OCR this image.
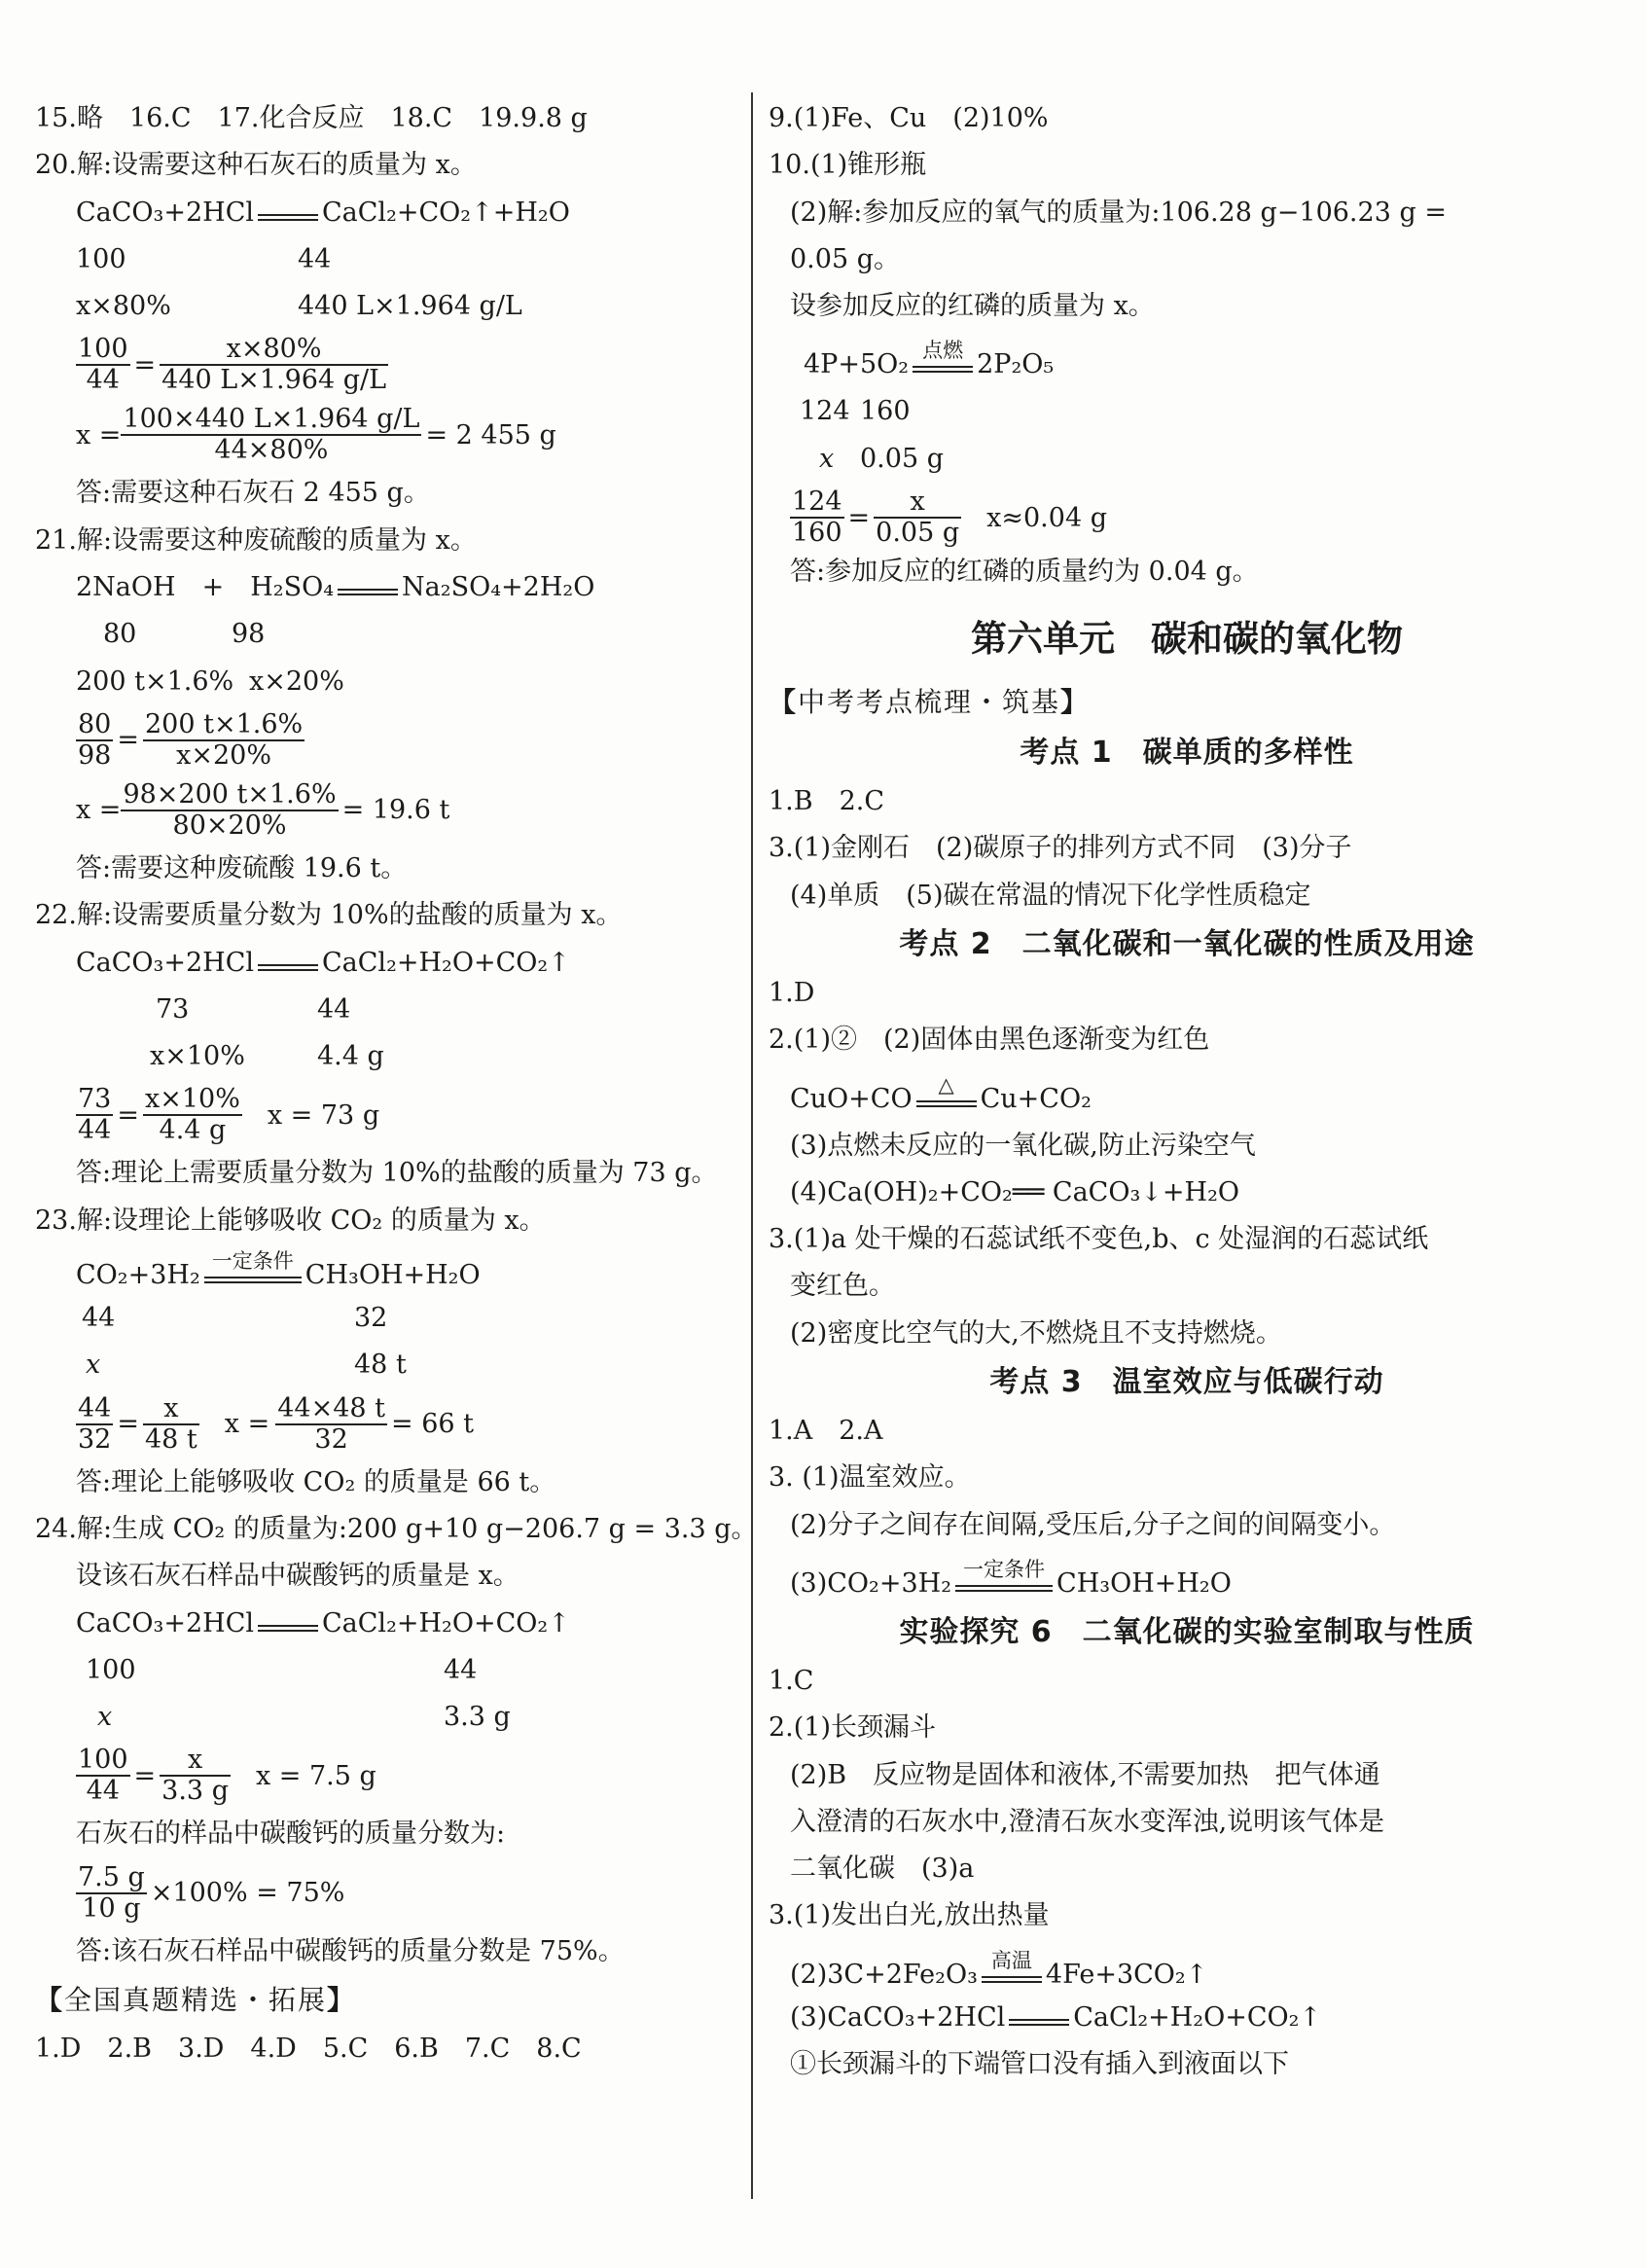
15.略　16.C　17.化合反应　18.C　19.9.8 g
20.解:设需要这种石灰石的质量为 x。
CaCO₃+2HCl	CaCl₂+CO₂↑+H₂O
100	44
x×80%	440 L×1.964 g/L
$\frac{100}{44} = \frac{x\times 80\%}{440 L\times 1.964 g/L}$
$x = \frac{100\times 440 L\times 1.964 g/L}{44\times 80\%} = 2$ 455 g
答:需要这种石灰石 2 455 g。
21.解:设需要这种废硫酸的质量为 x。
2NaOH　+　H₂SO₄	Na₂SO₄+2H₂O
80	98
200 t×1.6% x×20%
$\frac{80}{98} = \frac{200 t\times 1.6\%}{x\times 20\%}$
$x = \frac{98\times 200 t\times 1.6\%}{80\times 20\%} = 19.6$ t
答:需要这种废硫酸 19.6 t。
22.解:设需要质量分数为 10%的盐酸的质量为 x。
CaCO₃+2HCl	CaCl₂+H₂O+CO₂↑
73	44
x×10%	4.4 g
$\frac{73}{44} = \frac{x\times 10\%}{4.4 g}$ x = 73 g
答:理论上需要质量分数为 10%的盐酸的质量为 73 g。
23.解:设理论上能够吸收 CO₂ 的质量为 x。
CO₂+3H₂ 一定条件 CH₃OH+H₂O
44	32
x	48 t
$\frac{44}{32} = \frac{x}{48 t}$ $x = \frac{44\times 48 t}{32} = 66$ t
答:理论上能够吸收 CO₂ 的质量是 66 t。
24.解:生成 CO₂ 的质量为:200 g+10 g−206.7 g = 3.3 g。
设该石灰石样品中碳酸钙的质量是 x。
CaCO₃+2HCl	CaCl₂+H₂O+CO₂↑
100	44
x	3.3 g
$\frac{100}{44} = \frac{x}{3.3 g}$ x = 7.5 g
石灰石的样品中碳酸钙的质量分数为:
$\frac{7.5 g}{10 g} \times 100\% = 75\%$
答:该石灰石样品中碳酸钙的质量分数是 75%。
【全国真题精选・拓展】
1.D　2.B　3.D　4.D　5.C　6.B　7.C　8.C
9.(1)Fe、Cu　(2)10%
10.(1)锥形瓶
(2)解:参加反应的氧气的质量为:106.28 g−106.23 g =
0.05 g。
设参加反应的红磷的质量为 x。
4P+5O₂ 点燃 2P₂O₅
124 160
x 0.05 g
$\frac{124}{160} = \frac{x}{0.05 g} x\approx 0.04$ g
答:参加反应的红磷的质量约为 0.04 g。
第六单元　碳和碳的氧化物
【中考考点梳理・筑基】
考点 1　碳单质的多样性
1.B　2.C
3.(1)金刚石　(2)碳原子的排列方式不同　(3)分子
(4)单质　(5)碳在常温的情况下化学性质稳定
考点 2　二氧化碳和一氧化碳的性质及用途
1.D
2.(1)②　(2)固体由黑色逐渐变为红色
CuO+CO	△ Cu+CO₂
(3)点燃未反应的一氧化碳,防止污染空气
(4)Ca(OH)₂+CO₂══ CaCO₃↓+H₂O
3.(1)a 处干燥的石蕊试纸不变色,b、c 处湿润的石蕊试纸
变红色。
(2)密度比空气的大,不燃烧且不支持燃烧。
考点 3　温室效应与低碳行动
1.A　2.A
3. (1)温室效应。
(2)分子之间存在间隔,受压后,分子之间的间隔变小。
(3)CO₂+3H₂ 一定条件 CH₃OH+H₂O
实验探究 6　二氧化碳的实验室制取与性质
1.C
2.(1)长颈漏斗
(2)B　反应物是固体和液体,不需要加热　把气体通
入澄清的石灰水中,澄清石灰水变浑浊,说明该气体是
二氧化碳　(3)a
3.(1)发出白光,放出热量
(2)3C+2Fe₂O₃ 高温 4Fe+3CO₂↑
(3)CaCO₃+2HCl	CaCl₂+H₂O+CO₂↑
①长颈漏斗的下端管口没有插入到液面以下
